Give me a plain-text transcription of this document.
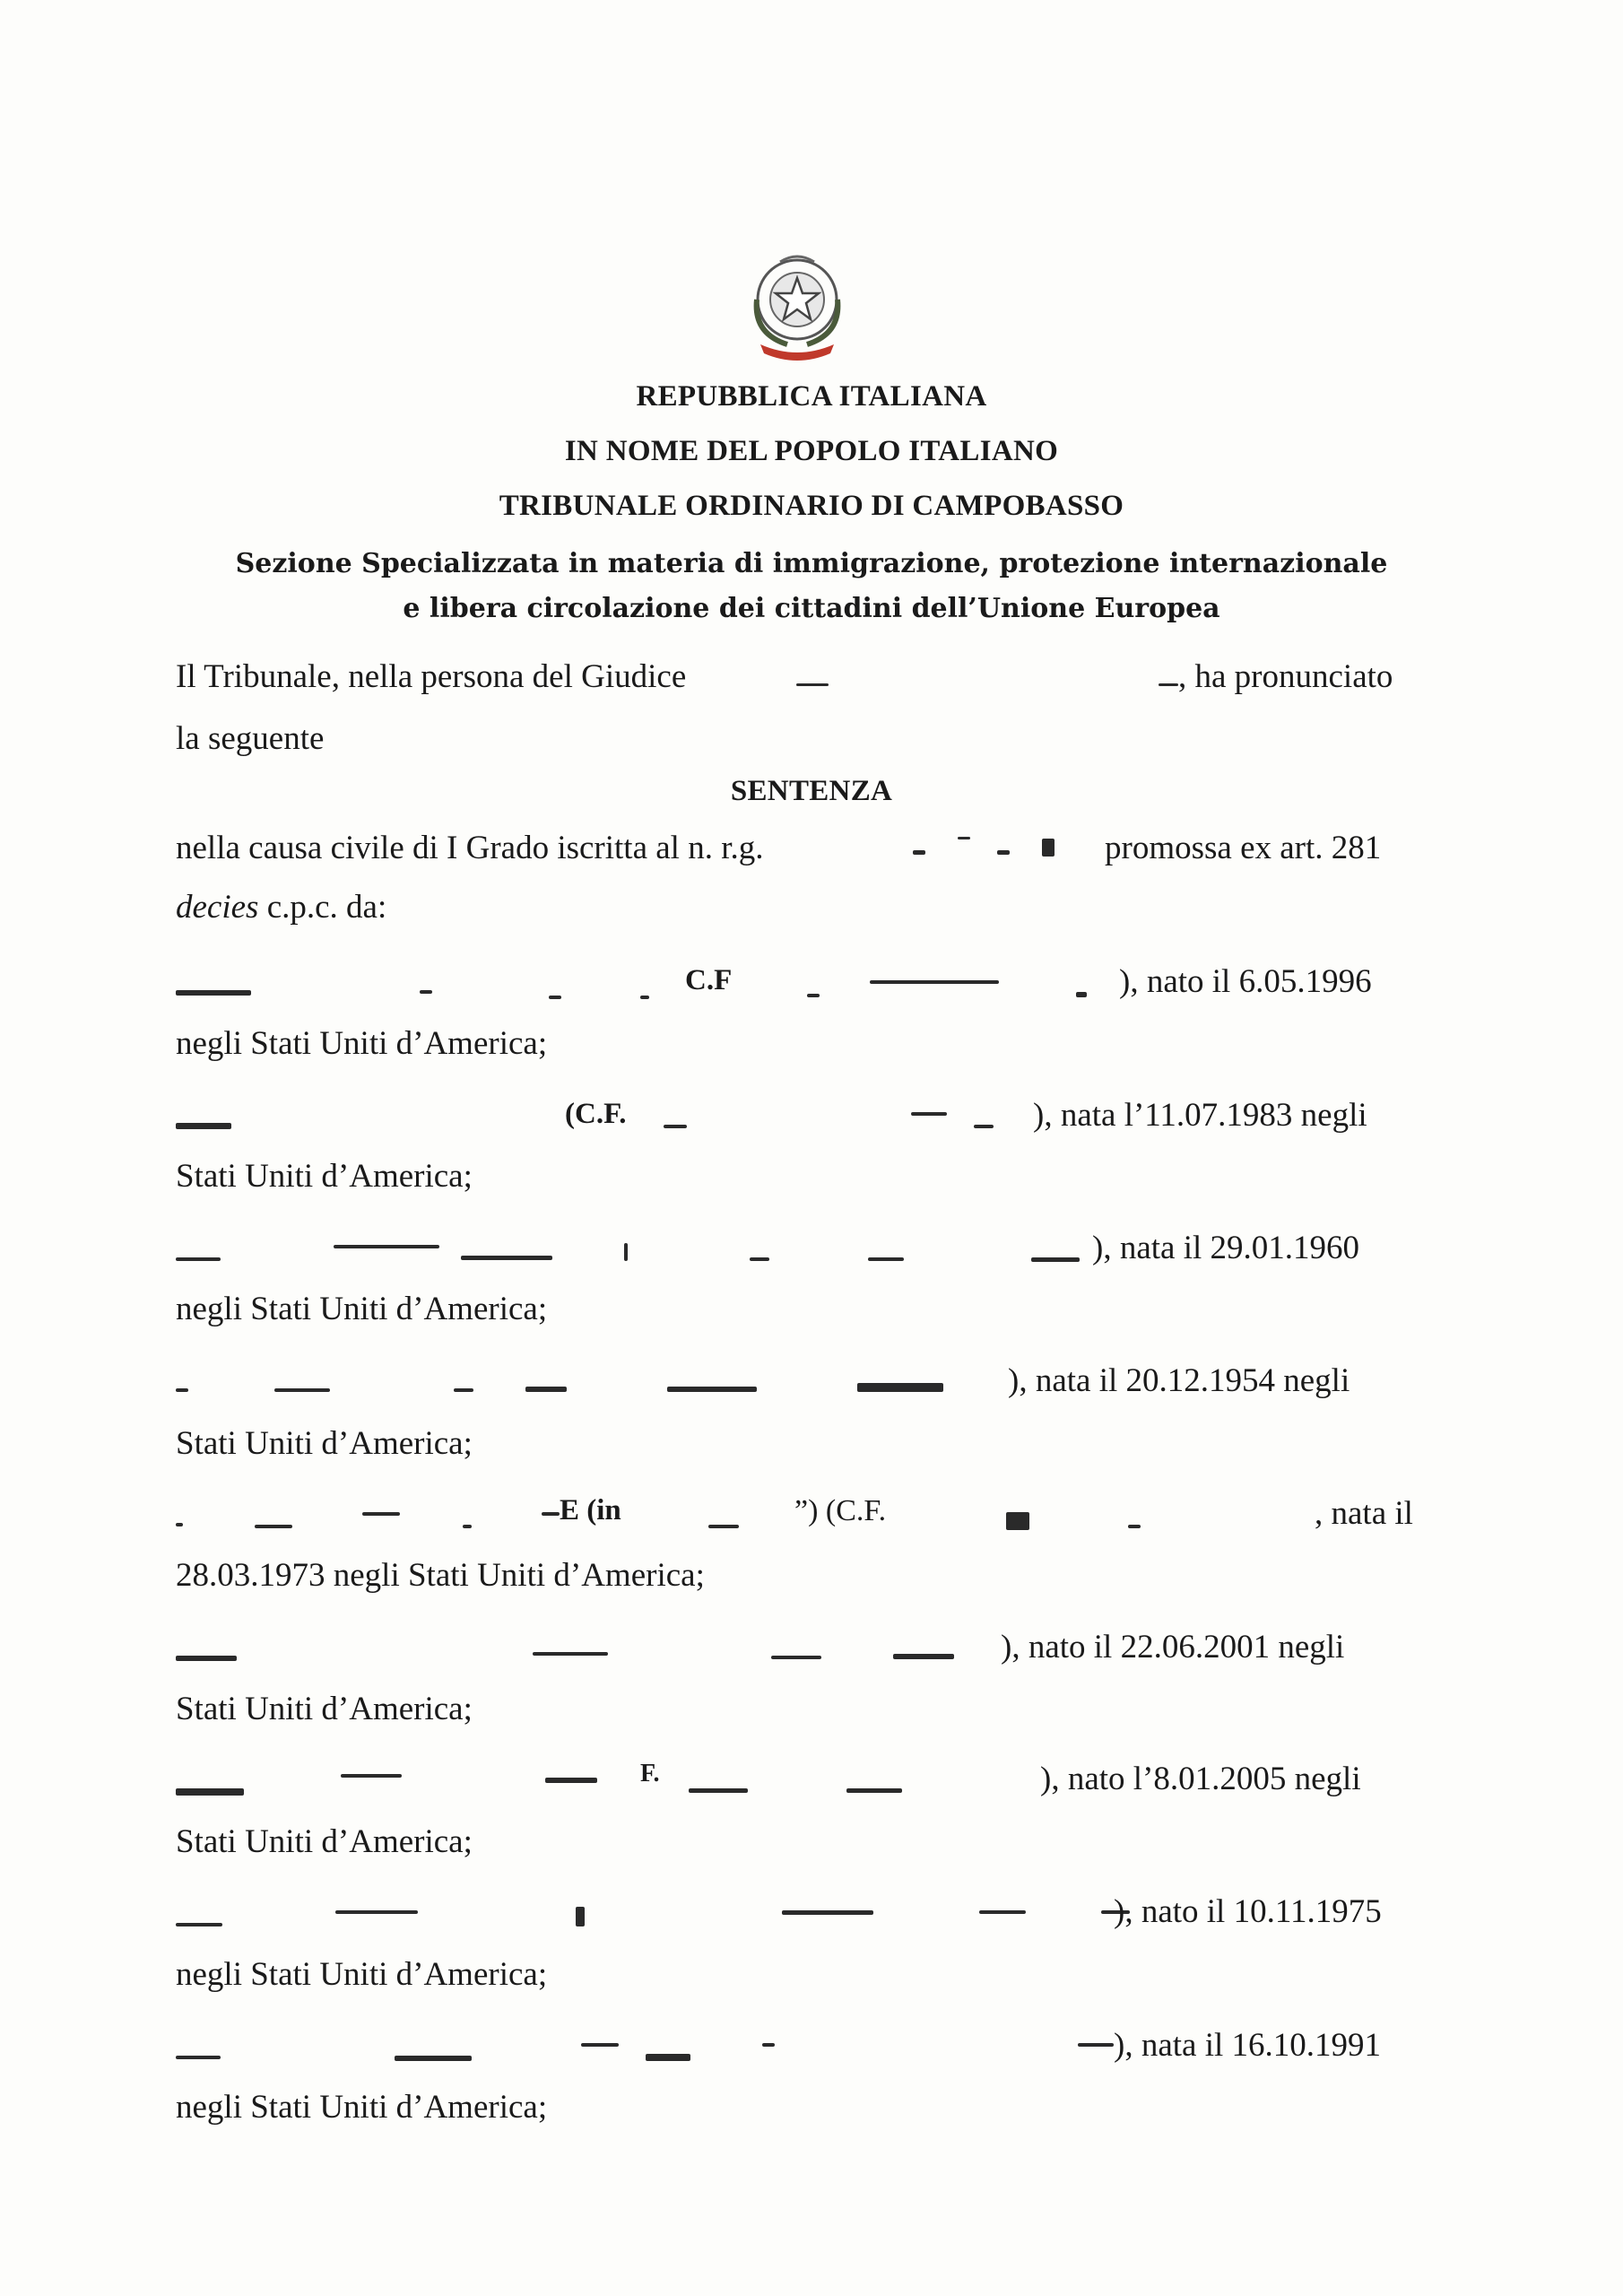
REPUBBLICA ITALIANA
IN NOME DEL POPOLO ITALIANO
TRIBUNALE ORDINARIO DI CAMPOBASSO
Sezione Specializzata in materia di immigrazione, protezione internazionale
e libera circolazione dei cittadini dell’Unione Europea
Il Tribunale, nella persona del Giudice	, ha pronunciato
la seguente
SENTENZA
nella causa civile di I Grado iscritta al n. r.g.	promossa ex art. 281
decies c.p.c. da:
C.F	), nato il 6.05.1996
negli Stati Uniti d’America;
(C.F.	), nata l’11.07.1983 negli
Stati Uniti d’America;
), nata il 29.01.1960
negli Stati Uniti d’America;
), nata il 20.12.1954 negli
Stati Uniti d’America;
E (in	”) (C.F.	, nata il
28.03.1973 negli Stati Uniti d’America;
), nato il 22.06.2001 negli
Stati Uniti d’America;
F.	), nato l’8.01.2005 negli
Stati Uniti d’America;
), nato il 10.11.1975
negli Stati Uniti d’America;
), nata il 16.10.1991
negli Stati Uniti d’America;
